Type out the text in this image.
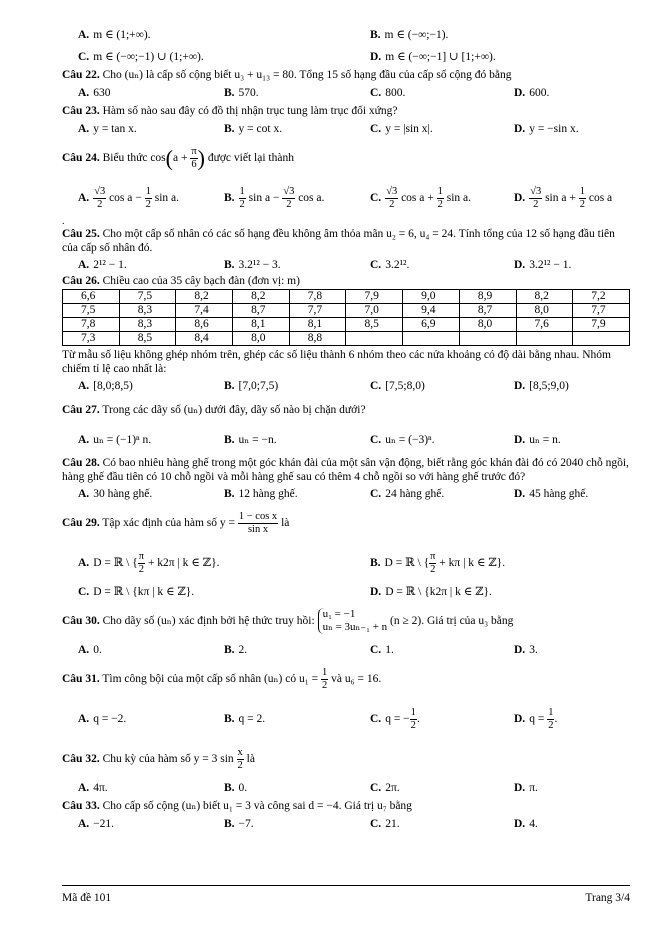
A. m ∈ (1;+∞).	B. m ∈ (−∞;−1).
C. m ∈ (−∞;−1) ∪ (1;+∞).	D. m ∈ (−∞;−1] ∪ [1;+∞).
Câu 22. Cho (uₙ) là cấp số cộng biết u₃ + u₁₃ = 80. Tổng 15 số hạng đầu của cấp số cộng đó bằng
A. 630	B. 570.	C. 800.	D. 600.
Câu 23. Hàm số nào sau đây có đồ thị nhận trục tung làm trục đối xứng?
A. y = tan x.	B. y = cot x.	C. y = |sin x|.	D. y = −sin x.
Câu 24. Biểu thức $\cos(a + \frac{\pi}{6}$ ) được viết lại thành
A. $\frac{√3}{2}$ $\cos a - \frac{1}{2}$ sin a.	B. $\frac{1}{2}$ $\sin a - \frac{√3}{2}$ cos a.	C. $\frac{√3}{2}$ $\cos a + \frac{1}{2}$ sin a.	D. $\frac{√3}{2}$ $\sin a + \frac{1}{2}$ cos a
.
Câu 25. Cho một cấp số nhân có các số hạng đều không âm thỏa mãn u₂ = 6, u₄ = 24. Tính tổng của 12 số hạng đầu tiên của cấp số nhân đó.
A. 2¹² − 1.	B. 3.2¹² − 3.	C. 3.2¹².	D. 3.2¹² − 1.
Câu 26. Chiều cao của 35 cây bạch đàn (đơn vị: m)
6,6	7,5	8,2	8,2	7,8	7,9	9,0	8,9	8,2	7,2
7,5	8,3	7,4	8,7	7,7	7,0	9,4	8,7	8,0	7,7
7,8	8,3	8,6	8,1	8,1	8,5	6,9	8,0	7,6	7,9
7,3	8,5	8,4	8,0	8,8					
Từ mẫu số liệu không ghép nhóm trên, ghép các số liệu thành 6 nhóm theo các nửa khoảng có độ dài bằng nhau. Nhóm chiếm tỉ lệ cao nhất là:
A. [8,0;8,5)	B. [7,0;7,5)	C. [7,5;8,0)	D. [8,5;9,0)
Câu 27. Trong các dãy số (uₙ) dưới đây, dãy số nào bị chặn dưới?
A. uₙ = (−1)ⁿ n.	B. uₙ = −n.	C. uₙ = (−3)ⁿ.	D. uₙ = n.
Câu 28. Có bao nhiêu hàng ghế trong một góc khán đài của một sân vận động, biết rằng góc khán đài đó có 2040 chỗ ngồi, hàng ghế đầu tiên có 10 chỗ ngồi và mỗi hàng ghế sau có thêm 4 chỗ ngồi so với hàng ghế trước đó?
A. 30 hàng ghế.	B. 12 hàng ghế.	C. 24 hàng ghế.	D. 45 hàng ghế.
Câu 29. Tập xác định của hàm số $y = \frac{\text{1 − cos x}}{\text{sin x}}$ là
A. D = ℝ \ { $\frac{\pi}{2} + k2\pi$ | k ∈ ℤ}.	B. D = ℝ \ { $\frac{\pi}{2} + k\pi$ | k ∈ ℤ}.
C. D = ℝ \ {kπ | k ∈ ℤ}.	D. D = ℝ \ {k2π | k ∈ ℤ}.
Câu 30. Cho dãy số (uₙ) xác định bởi hệ thức truy hồi:
u₁ = −1
uₙ = 3uₙ₋₁ + n
(n ≥ 2). Giá trị của u₃ bằng
A. 0.	B. 2.	C. 1.	D. 3.
Câu 31. Tìm công bội của một cấp số nhân (uₙ) có $u_1 = \frac{1}{2}$ và u₆ = 16.
A. q = −2.	B. q = 2.	C. q = − $\frac{1}{2}$ .	D. $q = \frac{1}{2}$ .
Câu 32. Chu kỳ của hàm số y = 3 $\sin \frac{x}{2}$ là
A. 4π.	B. 0.	C. 2π.	D. π.
Câu 33. Cho cấp số cộng (uₙ) biết u₁ = 3 và công sai d = −4. Giá trị u₇ bằng
A. −21.	B. −7.	C. 21.	D. 4.
Mã đề 101	Trang 3/4
